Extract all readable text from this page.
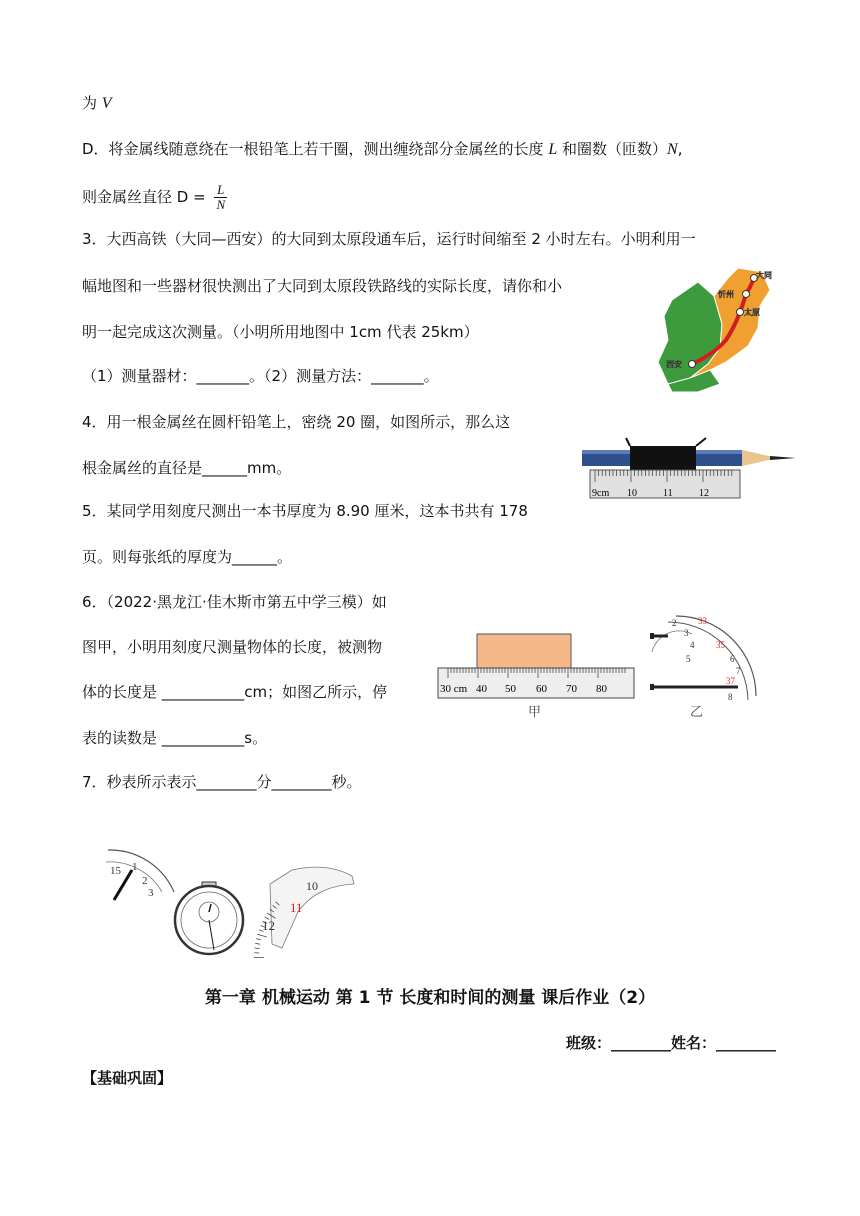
为 V
D．将金属线随意绕在一根铅笔上若干圈，测出缠绕部分金属丝的长度 L 和圈数（匝数）N,
则金属丝直径 $D = \frac{L}{N}$
3．大西高铁（大同—西安）的大同到太原段通车后，运行时间缩至 2 小时左右。小明利用一
幅地图和一些器材很快测出了大同到太原段铁路线的实际长度，请你和小
明一起完成这次测量。（小明所用地图中 1cm 代表 25km）
（1）测量器材：_______。（2）测量方法：_______。
大同
忻州
太原
西安
4．用一根金属丝在圆杆铅笔上，密绕 20 圈，如图所示，那么这
根金属丝的直径是______mm。
9cm 10	11	12
5．某同学用刻度尺测出一本书厚度为 8.90 厘米，这本书共有 178
页。则每张纸的厚度为______。
6．（2022·黑龙江·佳木斯市第五中学三模）如
图甲，小明用刻度尺测量物体的长度，被测物
体的长度是 ___________cm；如图乙所示，停
表的读数是 ___________s。
30 cm 40 50 60 70 80
甲
2
3
4
5	6
7
8
33
35
37
乙
7．秒表所示表示________分________秒。
15 1
2
3	10
11
12
第一章 机械运动 第 1 节 长度和时间的测量 课后作业（2）
班级：________姓名：________
【基础巩固】
